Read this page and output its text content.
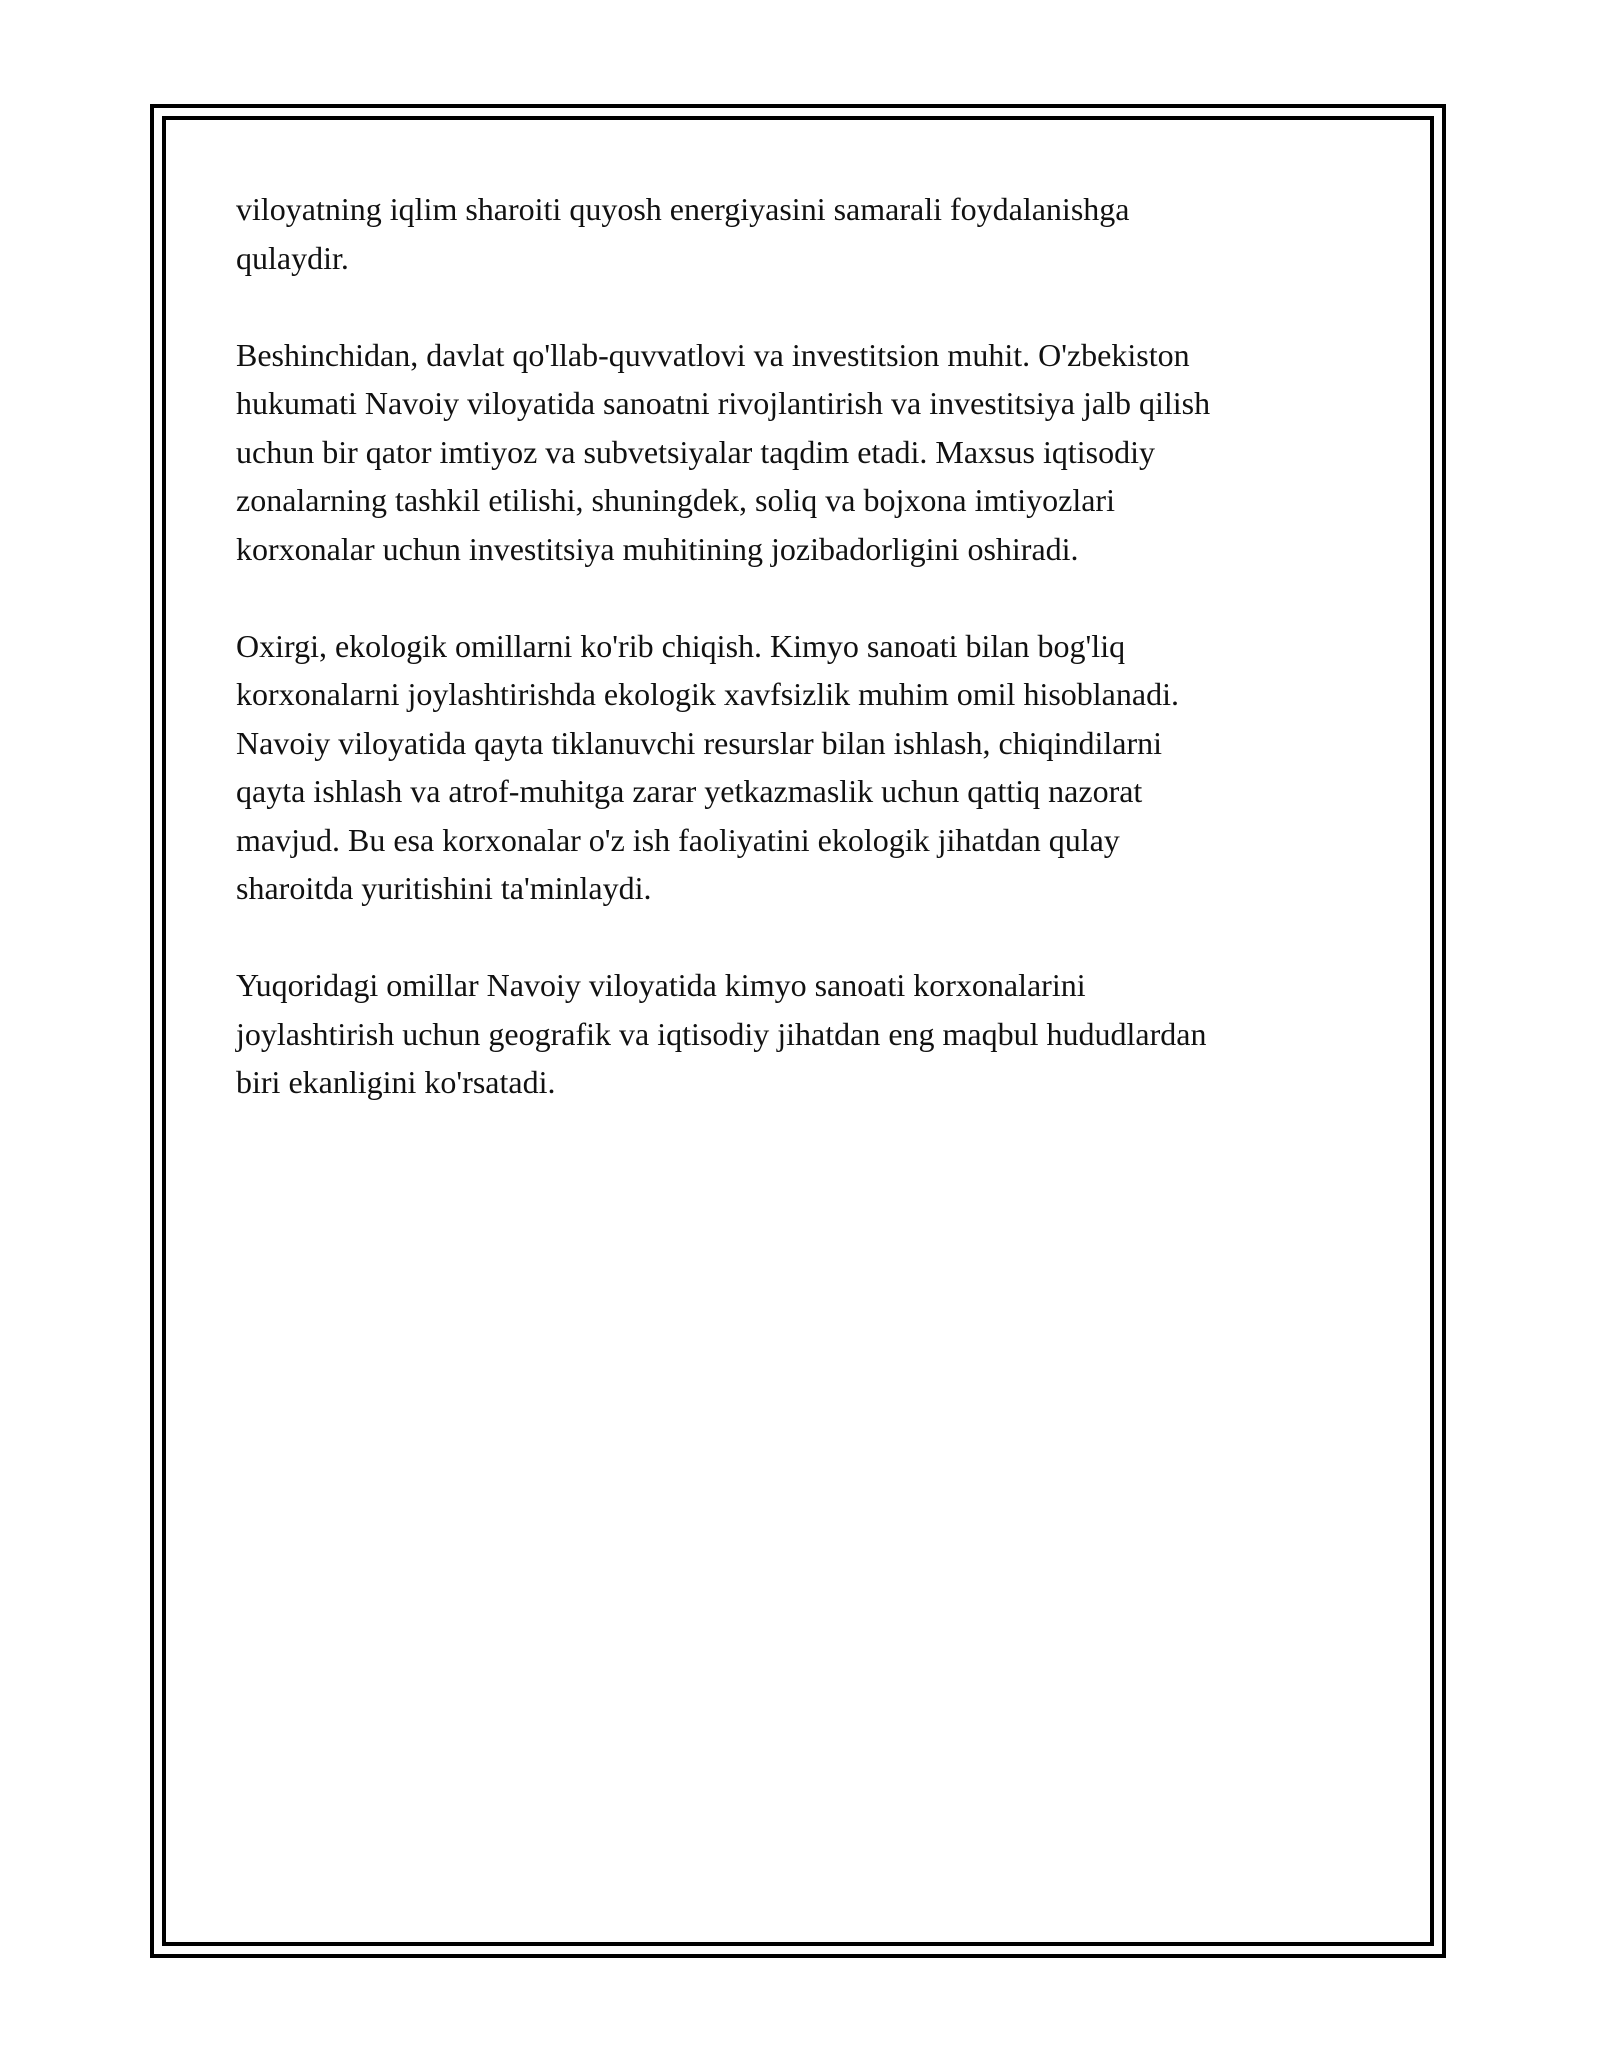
viloyatning iqlim sharoiti quyosh energiyasini samarali foydalanishga
qulaydir.

Beshinchidan, davlat qo'llab-quvvatlovi va investitsion muhit. O'zbekiston
hukumati Navoiy viloyatida sanoatni rivojlantirish va investitsiya jalb qilish
uchun bir qator imtiyoz va subvetsiyalar taqdim etadi. Maxsus iqtisodiy
zonalarning tashkil etilishi, shuningdek, soliq va bojxona imtiyozlari
korxonalar uchun investitsiya muhitining jozibadorligini oshiradi.

Oxirgi, ekologik omillarni ko'rib chiqish. Kimyo sanoati bilan bog'liq
korxonalarni joylashtirishda ekologik xavfsizlik muhim omil hisoblanadi.
Navoiy viloyatida qayta tiklanuvchi resurslar bilan ishlash, chiqindilarni
qayta ishlash va atrof-muhitga zarar yetkazmaslik uchun qattiq nazorat
mavjud. Bu esa korxonalar o'z ish faoliyatini ekologik jihatdan qulay
sharoitda yuritishini ta'minlaydi.

Yuqoridagi omillar Navoiy viloyatida kimyo sanoati korxonalarini
joylashtirish uchun geografik va iqtisodiy jihatdan eng maqbul hududlardan
biri ekanligini ko'rsatadi.
